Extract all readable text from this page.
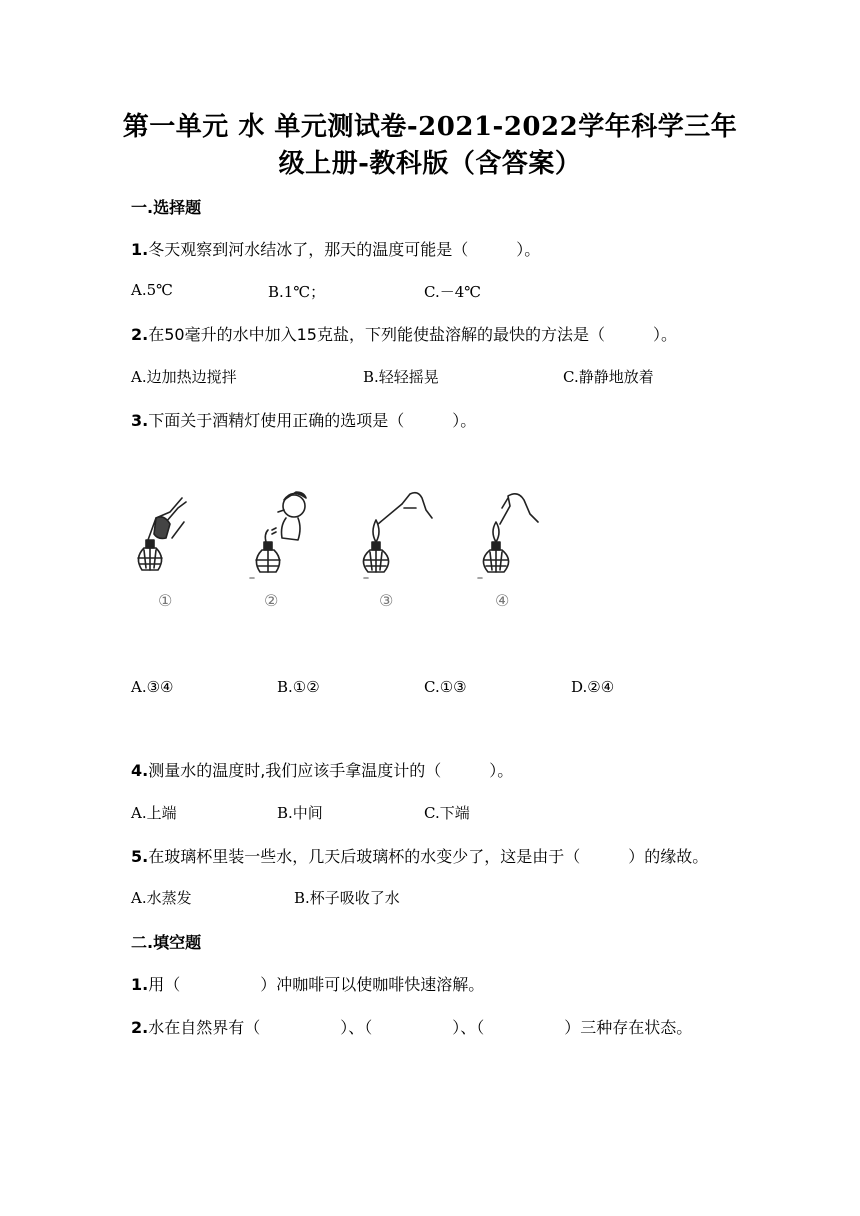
第一单元 水 单元测试卷-2021-2022学年科学三年
级上册-教科版（含答案）
一.选择题
1.冬天观察到河水结冰了，那天的温度可能是（　　　）。
A.5℃	B.1℃；	C.－4℃
2.在50毫升的水中加入15克盐，下列能使盐溶解的最快的方法是（　　　）。
A.边加热边搅拌	B.轻轻摇晃	C.静静地放着
3.下面关于酒精灯使用正确的选项是（　　　）。
①	②	③	④
A.③④	B.①②	C.①③	D.②④
4.测量水的温度时,我们应该手拿温度计的（　　　）。
A.上端	B.中间	C.下端
5.在玻璃杯里装一些水，几天后玻璃杯的水变少了，这是由于（　　　）的缘故。
A.水蒸发	B.杯子吸收了水
二.填空题
1.用（　　　　　）冲咖啡可以使咖啡快速溶解。
2.水在自然界有（　　　　　）、（　　　　　）、（　　　　　）三种存在状态。
